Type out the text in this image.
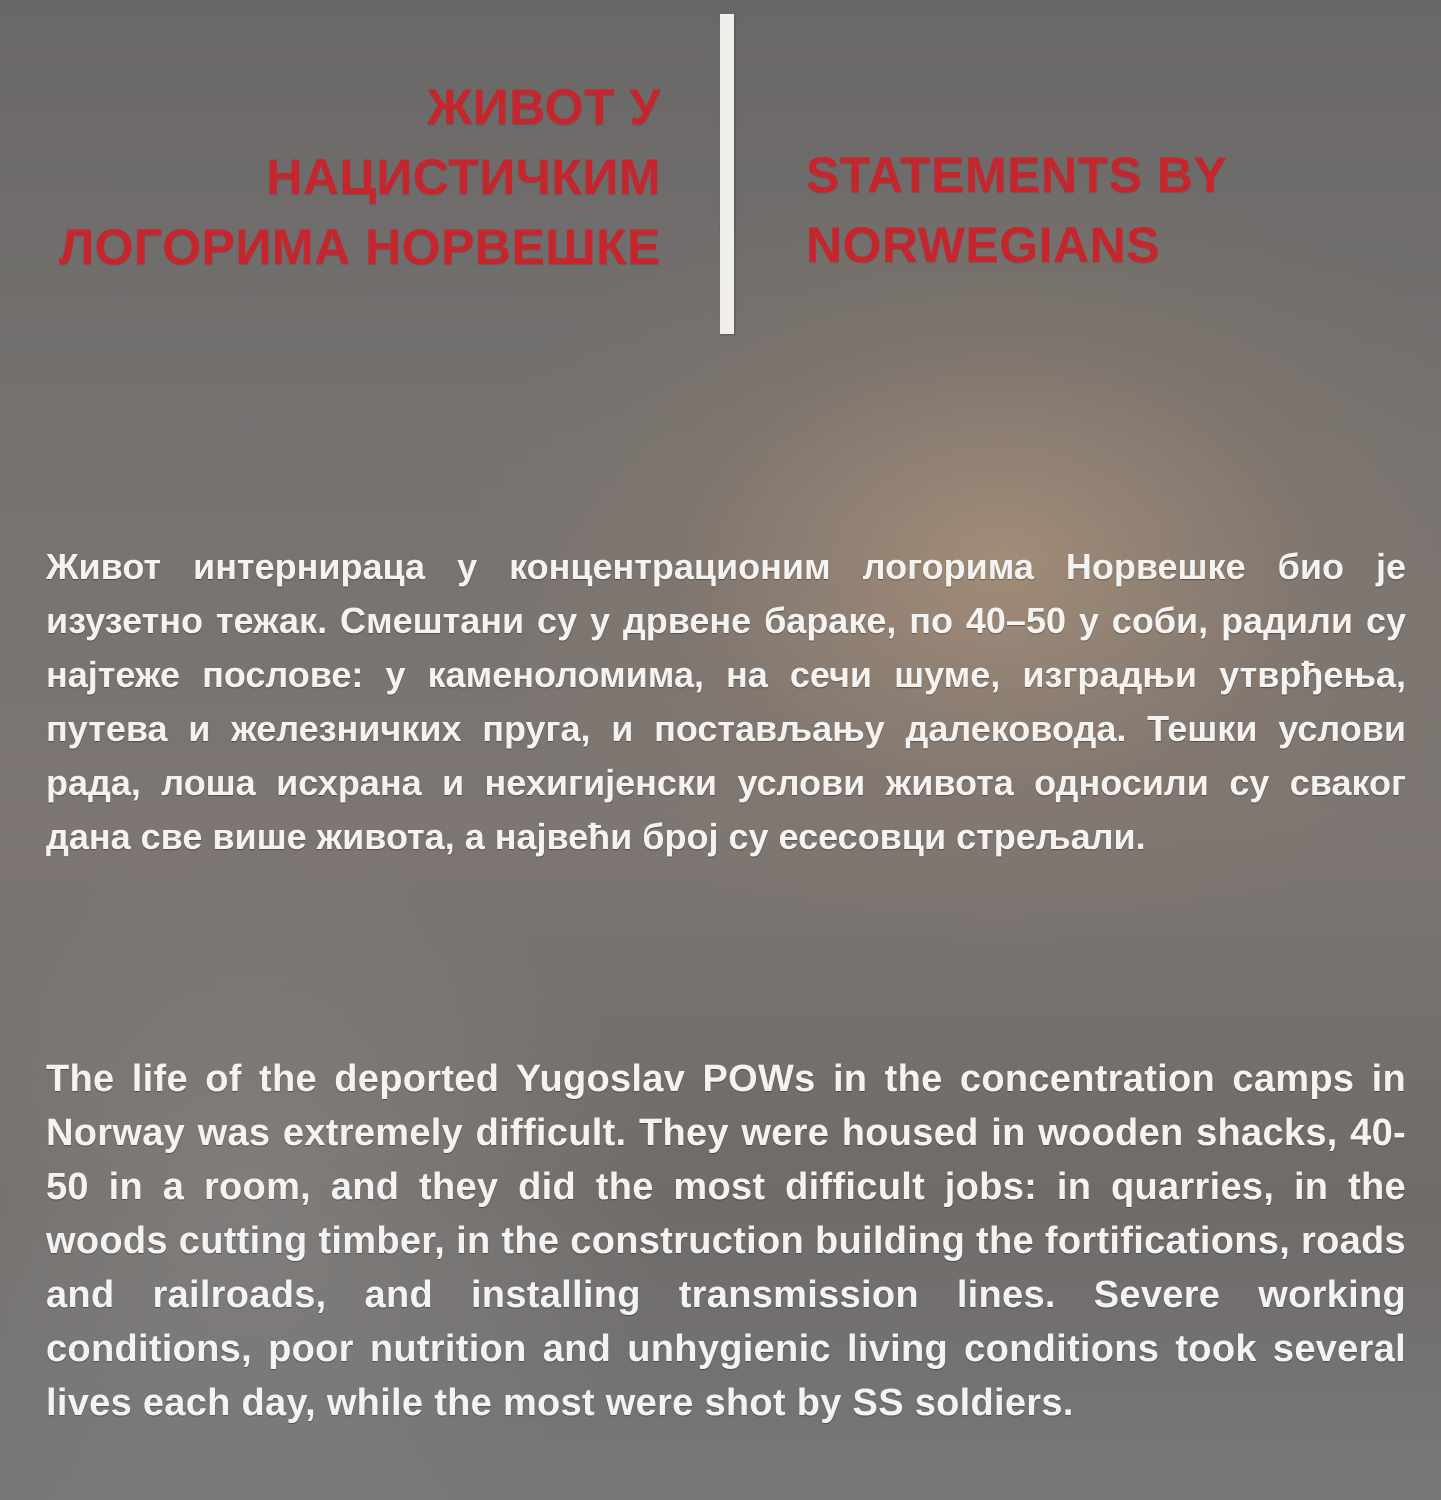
ЖИВОТ У
НАЦИСТИЧКИМ
ЛОГОРИМА НОРВЕШКЕ
STATEMENTS BY
NORWEGIANS

Живот интернираца у концентрационим логорима Норвешке био је изузетно тежак. Смештани су у дрвене бараке, по 40–50 у соби, радили су најтеже послове: у каменоломима, на сечи шуме, изградњи утврђења, путева и железничких пруга, и постављању далековода. Тешки услови рада, лоша исхрана и нехигијенски услови живота односили су сваког дана све више живота, а највећи број су есесовци стрељали.

The life of the deported Yugoslav POWs in the concentration camps in Norway was extremely difficult. They were housed in wooden shacks, 40-50 in a room, and they did the most difficult jobs: in quarries, in the woods cutting timber, in the construction building the fortifications, roads and railroads, and installing transmission lines. Severe working conditions, poor nutrition and unhygienic living conditions took several lives each day, while the most were shot by SS soldiers.
